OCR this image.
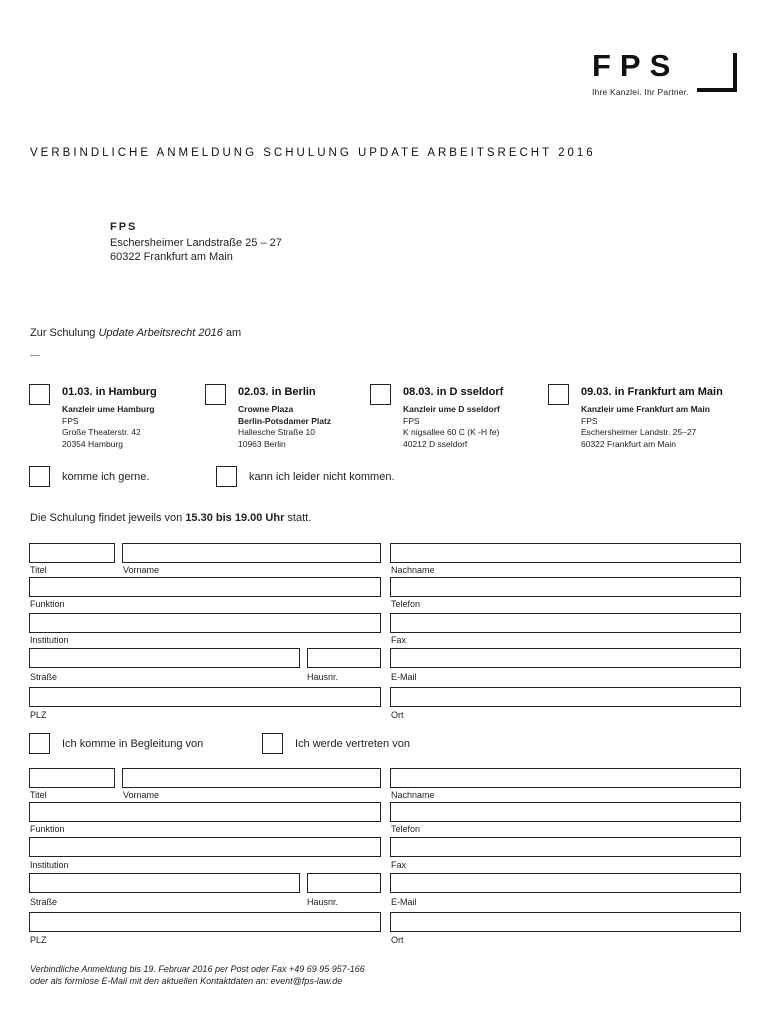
FPS
Ihre Kanzlei. Ihr Partner.
VERBINDLICHE ANMELDUNG SCHULUNG UPDATE ARBEITSRECHT 2016
FPS
Eschersheimer Landstraße 25 – 27
60322 Frankfurt am Main
Zur Schulung Update Arbeitsrecht 2016 am
—
01.03. in Hamburg
Kanzleir ume Hamburg
FPS
Große Theaterstr. 42
20354 Hamburg
02.03. in Berlin
Crowne Plaza
Berlin-Potsdamer Platz
Hallesche Straße 10
10963 Berlin
08.03. in D sseldorf
Kanzleir ume D sseldorf
FPS
K nigsallee 60 C (K -H fe)
40212 D sseldorf
09.03. in Frankfurt am Main
Kanzleir ume Frankfurt am Main
FPS
Eschersheimer Landstr. 25–27
60322 Frankfurt am Main
komme ich gerne.	kann ich leider nicht kommen.
Die Schulung findet jeweils von 15.30 bis 19.00 Uhr statt.
Titel	Vorname	Nachname
Funktion	Telefon
Institution	Fax
Straße	Hausnr.	E-Mail
PLZ	Ort
Ich komme in Begleitung von	Ich werde vertreten von
Titel	Vorname	Nachname
Funktion	Telefon
Institution	Fax
Straße	Hausnr.	E-Mail
PLZ	Ort
Verbindliche Anmeldung bis 19. Februar 2016 per Post oder Fax +49 69 95 957-166
oder als formlose E-Mail mit den aktuellen Kontaktdaten an: event@fps-law.de
